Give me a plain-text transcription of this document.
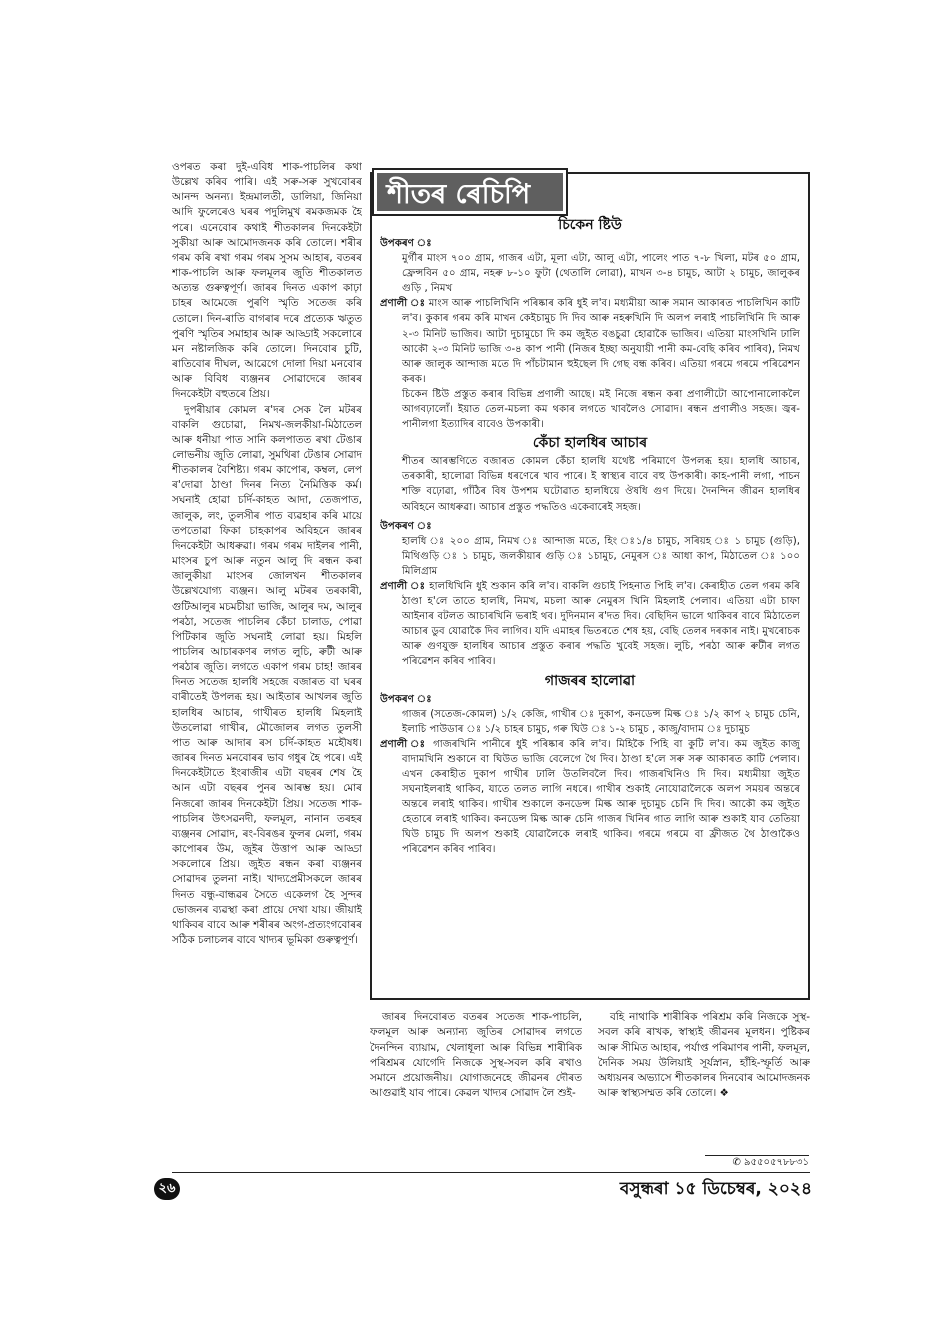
ওপৰত কৰা দুই-এবিধ শাক-পাচলিৰ কথা উল্লেখ কৰিব পাৰি। এই সৰু-সৰু সুখবোৰৰ আনন্দ অনন্য। ইন্দ্ৰমালতী, ডালিয়া, জিনিয়া আদি ফুলেৰেও ঘৰৰ পদুলিমুখ ৰমকজমক হৈ পৰে। এনেবোৰ কথাই শীতকালৰ দিনকেইটা সুকীয়া আৰু আমোদজনক কৰি তোলে। শৰীৰ গৰম কৰি ৰখা গৰম গৰম সুসম আহাৰ, বতৰৰ শাক-পাচলি আৰু ফলমূলৰ জুতি শীতকালত অত্যন্ত গুৰুত্বপূৰ্ণ। জাৰৰ দিনত একাপ কাঢ়া চাহৰ আমেজে পুৰণি স্মৃতি সতেজ কৰি তোলে। দিন-ৰাতি বাগৰাৰ দৰে প্ৰত্যেক ঋতুত পুৰণি স্মৃতিৰ সমাহাৰ আৰু আড্ডাই সকলোৰে মন নষ্টালজিক কৰি তোলে। দিনবোৰ চুটি, ৰাতিবোৰ দীঘল, আৱেগে দোলা দিয়া মনবোৰ আৰু বিবিধ ব্যঞ্জনৰ সোৱাদেৰে জাৰৰ দিনকেইটা বহুতৰে প্ৰিয়।

দুপৰীয়াৰ কোমল ৰ'দৰ সেক লৈ মটৰৰ বাকলি গুচোৱা, নিমখ-জলকীয়া-মিঠাতেল আৰু ধনীয়া পাত সানি কলপাতত ৰখা টেঙাৰ লোভনীয় জুতি লোৱা, সুমথিৰা টেঙাৰ সোৱাদ শীতকালৰ বৈশিষ্ট্য। গৰম কাপোৰ, কম্বল, লেপ ৰ'দোৱা ঠাণ্ডা দিনৰ নিত্য নৈমিত্তিক কৰ্ম। সঘনাই হোৱা চৰ্দি-কাহত আদা, তেজপাত, জালুক, লং, তুলসীৰ পাত ব্যৱহাৰ কৰি মায়ে তপতোৱা ফিকা চাহকাপৰ অবিহনে জাৰৰ দিনকেইটা আধৰুৱা। গৰম গৰম দাইলৰ পানী, মাংসৰ চুপ আৰু নতুন আলু দি ৰন্ধন কৰা জালুকীয়া মাংসৰ জোলখন শীতকালৰ উল্লেখযোগ্য ব্যঞ্জন। আলু মটৰৰ তৰকাৰী, গুটিআলুৰ মচমচীয়া ভাজি, আলুৰ দম, আলুৰ পৰঠা, সতেজ পাচলিৰ কেঁচা চালাড, পোৱা পিটিকাৰ জুতি সঘনাই লোৱা হয়। মিহলি পাচলিৰ আচাৰকণৰ লগত লুচি, ৰুটী আৰু পৰঠাৰ জুতি। লগতে একাপ গৰম চাহ! জাৰৰ দিনত সতেজ হালধি সহজে বজাৰত বা ঘৰৰ বাৰীতেই উপলব্ধ হয়। আইতাৰ আখলৰ জুতি হালধিৰ আচাৰ, গাখীৰত হালধি মিহলাই উতলোৱা গাখীৰ, মৌজোলৰ লগত তুলসী পাত আৰু আদাৰ ৰস চৰ্দি-কাহত মহৌষধ। জাৰৰ দিনত মনবোৰৰ ভাব গধুৰ হৈ পৰে। এই দিনকেইটাতে ইংৰাজীৰ এটা বছৰৰ শেষ হৈ আন এটা বছৰৰ পুনৰ আৰম্ভ হয়। মোৰ নিজৰো জাৰৰ দিনকেইটা প্ৰিয়। সতেজ শাক-পাচলিৰ উৎসৱনদী, ফলমূল, নানান তৰহৰ ব্যঞ্জনৰ সোৱাদ, ৰং-বিৰঙৰ ফুলৰ মেলা, গৰম কাপোৰৰ উম, জুইৰ উত্তাপ আৰু আড্ডা সকলোৰে প্ৰিয়। জুইত ৰন্ধন কৰা ব্যঞ্জনৰ সোৱাদৰ তুলনা নাই। খাদ্যপ্ৰেমীসকলে জাৰৰ দিনত বন্ধু-বান্ধৱৰ সৈতে একেলগ হৈ সুন্দৰ ভোজনৰ ব্যৱস্থা কৰা প্ৰায়ে দেখা যায়। জীয়াই থাকিবৰ বাবে আৰু শৰীৰৰ অংগ-প্ৰত্যংগবোৰৰ সঠিক চলাচলৰ বাবে খাদ্যৰ ভূমিকা গুৰুত্বপূৰ্ণ।

চিকেন ষ্টিউ

উপকৰণ ঃ

মুৰ্গীৰ মাংস ৭০০ গ্ৰাম, গাজৰ এটা, মূলা এটা, আলু এটা, পালেং পাত ৭-৮ খিলা, মটৰ ৫০ গ্ৰাম, ফ্ৰেন্সবিন ৫০ গ্ৰাম, নহৰু ৮-১০ ফুটা (থেতালি লোৱা), মাখন ৩-৪ চামুচ, আটা ২ চামুচ, জালুকৰ গুড়ি , নিমখ

প্ৰণালী ঃ মাংস আৰু পাচলিখিনি পৰিষ্কাৰ কৰি ধুই ল'ব। মধ্যমীয়া আৰু সমান আকাৰত পাচলিখিন কাটি ল'ব। কুকাৰ গৰম কৰি মাখন কেইচামুচ দি দিব আৰু নহৰুখিনি দি অলপ লৰাই পাচলিখিনি দি আৰু ২-৩ মিনিট ভাজিব। আটা দুচামুচো দি কম জুইত বঙচুৱা হোৱাকৈ ভাজিব। এতিয়া মাংসখিনি ঢালি আকৌ ২-৩ মিনিট ভাজি ৩-৪ কাপ পানী (নিজৰ ইচ্ছা অনুযায়ী পানী কম-বেছি কৰিব পাৰিব), নিমখ আৰু জালুক আন্দাজ মতে দি পাঁচটামান হুইছেল দি গেছ বন্ধ কৰিব। এতিয়া গৰমে গৰমে পৰিৱেশন কৰক।

চিকেন ষ্টিউ প্ৰস্তুত কৰাৰ বিভিন্ন প্ৰণালী আছে। মই নিজে ৰন্ধন কৰা প্ৰণালীটো আপোনালোকলৈ আগবঢ়ালোঁ। ইয়াত তেল-মচলা কম থকাৰ লগতে খাবলৈও সোৱাদ। ৰন্ধন প্ৰণালীও সহজ। জ্বৰ- পানীলগা ইত্যাদিৰ বাবেও উপকাৰী।

কেঁচা হালধিৰ আচাৰ

শীতৰ আৰম্ভণিতে বজাৰত কোমল কেঁচা হালধি যথেষ্ট পৰিমাণে উপলব্ধ হয়। হালধি আচাৰ, তৰকাৰী, হালোৱা বিভিন্ন ধৰণেৰে খাব পাৰে। ই স্বাস্থ্যৰ বাবে বহু উপকাৰী। কাহ-পানী লগা, পাচন শক্তি বঢ়োৱা, গাঁঠিৰ বিষ উপশম ঘটোৱাত হালধিয়ে ঔষধি গুণ দিয়ে। দৈনন্দিন জীৱন হালধিৰ অবিহনে আধৰুৱা। আচাৰ প্ৰস্তুত পদ্ধতিও একেবাৰেই সহজ।

উপকৰণ ঃ

হালধি ঃ ২০০ গ্ৰাম, নিমখ ঃ আন্দাজ মতে, হিং ঃ১/৪ চামুচ, সৰিয়হ ঃ ১ চামুচ (গুড়ি), মিথিগুড়ি ঃ ১ চামুচ, জলকীয়াৰ গুড়ি ঃ ১চামুচ, নেমুৰস ঃ আধা কাপ, মিঠাতেল ঃ ১০০ মিলিগ্ৰাম

প্ৰণালী ঃ হালধিখিনি ধুই শুকান কৰি ল'ব। বাকলি গুচাই পিহনাত পিহি ল'ব। কেৰাহীত তেল গৰম কৰি ঠাণ্ডা হ'লে তাতে হালধি, নিমখ, মচলা আৰু নেমুৰস খিনি মিহলাই পেলাব। এতিয়া এটা চাফা আইনাৰ বটলত আচাৰখিনি ভৰাই থব। দুদিনমান ৰ'দত দিব। বেছিদিন ভালে থাকিবৰ বাবে মিঠাতেল আচাৰ ডুব যোৱাকৈ দিব লাগিব। যদি এমাহৰ ভিতৰতে শেষ হয়, বেছি তেলৰ দৰকাৰ নাই। মুখৰোচক আৰু গুণযুক্ত হালধিৰ আচাৰ প্ৰস্তুত কৰাৰ পদ্ধতি খুবেই সহজ। লুচি, পৰঠা আৰু ৰুটীৰ লগত পৰিৱেশন কৰিব পাৰিব।

গাজৰৰ হালোৱা

উপকৰণ ঃ

গাজৰ (সতেজ-কোমল) ১/২ কেজি, গাখীৰ ঃ দুকাপ, কনডেন্স মিল্ক ঃ ১/২ কাপ ২ চামুচ চেনি, ইলাচি পাউডাৰ ঃ ১/২ চাহৰ চামুচ, গৰু ঘিউ ঃ ১-২ চামুচ , কাজু/বাদাম ঃ দুচামুচ

প্ৰণালী ঃ গাজৰখিনি পানীৰে ধুই পৰিষ্কাৰ কৰি ল'ব। মিহিকৈ পিহি বা কুটি ল'ব। কম জুইত কাজু বাদামখিনি শুকানে বা ঘিউত ভাজি বেলেগে থৈ দিব। ঠাণ্ডা হ'লে সৰু সৰু আকাৰত কাটি পেলাব। এখন কেৰাহীত দুকাপ গাখীৰ ঢালি উতলিবলৈ দিব। গাজৰখিনিও দি দিব। মধ্যমীয়া জুইত সঘনাইলৰাই থাকিব, যাতে তলত লাগি নধৰে। গাখীৰ শুকাই নোযোৱালৈকে অলপ সময়ৰ অন্তৰে অন্তৰে লৰাই থাকিব। গাখীৰ শুকালে কনডেন্স মিল্ক আৰু দুচামুচ চেনি দি দিব। আকৌ কম জুইত হেতাৰে লৰাই থাকিব। কনডেন্স মিল্ক আৰু চেনি গাজৰ খিনিৰ গাত লাগি আৰু শুকাই যাব তেতিয়া ঘিউ চামুচ দি অলপ শুকাই যোৱালৈকে লৰাই থাকিব। গৰমে গৰমে বা ফ্ৰীজত থৈ ঠাণ্ডাকৈও পৰিৱেশন কৰিব পাৰিব।

শীতৰ ৰেচিপি

জাৰৰ দিনবোৰত বতৰৰ সতেজ শাক-পাচলি, ফলমূল আৰু অন্যান্য জুতিৰ সোৱাদৰ লগতে দৈনন্দিন ব্যায়াম, খেলাধূলা আৰু বিভিন্ন শাৰীৰিক পৰিশ্ৰমৰ যোগেদি নিজকে সুস্থ-সবল কৰি ৰখাও সমানে প্ৰয়োজনীয়। যোগাজনেহে জীৱনৰ দৌৰত আগুৱাই যাব পাৰে। কেৱল খাদ্যৰ সোৱাদ লৈ শুই-

বহি নাথাকি শাৰীৰিক পৰিশ্ৰম কৰি নিজকে সুস্থ-সবল কৰি ৰাখক, স্বাস্থ্যই জীৱনৰ মূলধন। পুষ্টিকৰ আৰু সীমিত আহাৰ, পৰ্যাপ্ত পৰিমাণৰ পানী, ফলমূল, দৈনিক সময় উলিয়াই সূৰ্যস্নান, হাঁহি-স্ফূৰ্তি আৰু অধ্যয়নৰ অভ্যাসে শীতকালৰ দিনবোৰ আমোদজনক আৰু স্বাস্থ্যসম্মত কৰি তোলে। ❖

✆ ৯৫৫০৫৭৮৮৩১
২৬	বসুন্ধৰা ১৫ ডিচেম্বৰ, ২০২৪
